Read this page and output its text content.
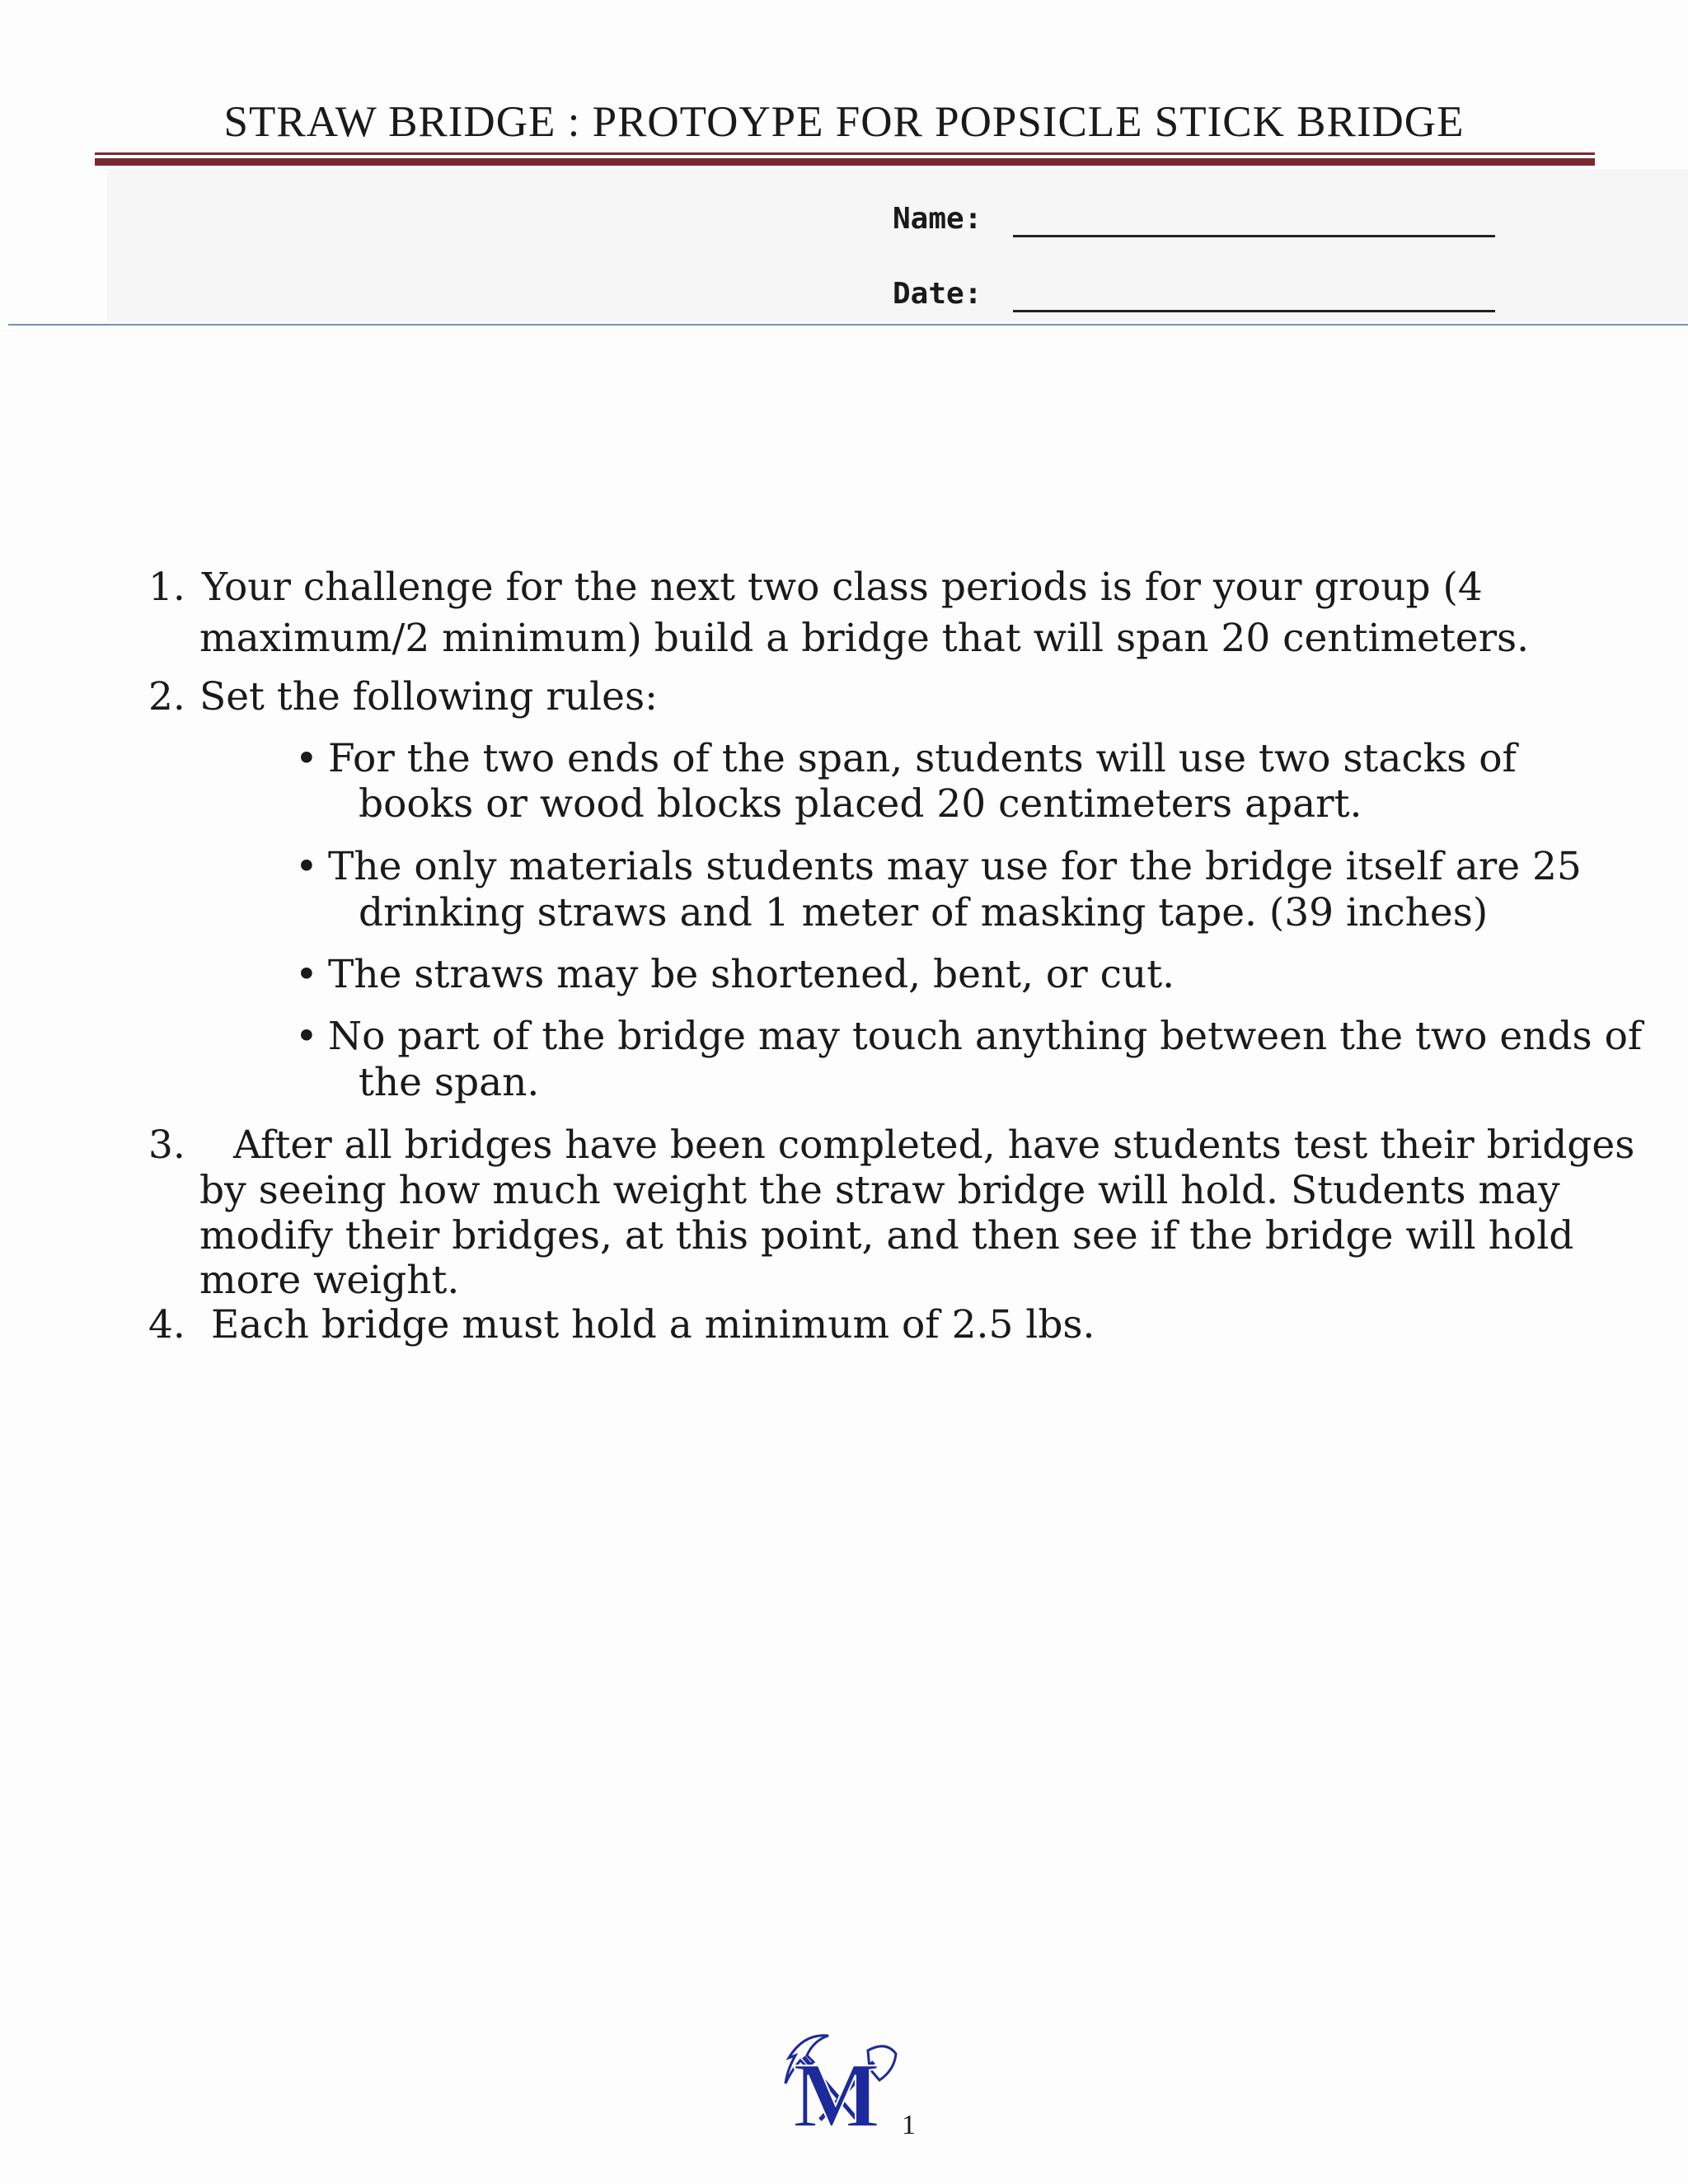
STRAW BRIDGE : PROTOYPE FOR POPSICLE STICK BRIDGE
Name:
Date:
1. Your challenge for the next two class periods is for your group (4
maximum/2 minimum) build a bridge that will span 20 centimeters.
2. Set the following rules:
• For the two ends of the span, students will use two stacks of
books or wood blocks placed 20 centimeters apart.
• The only materials students may use for the bridge itself are 25
drinking straws and 1 meter of masking tape. (39 inches)
• The straws may be shortened, bent, or cut.
• No part of the bridge may touch anything between the two ends of
the span.
3. After all bridges have been completed, have students test their bridges
by seeing how much weight the straw bridge will hold. Students may
modify their bridges, at this point, and then see if the bridge will hold
more weight.
4. Each bridge must hold a minimum of 2.5 lbs.
M 1
